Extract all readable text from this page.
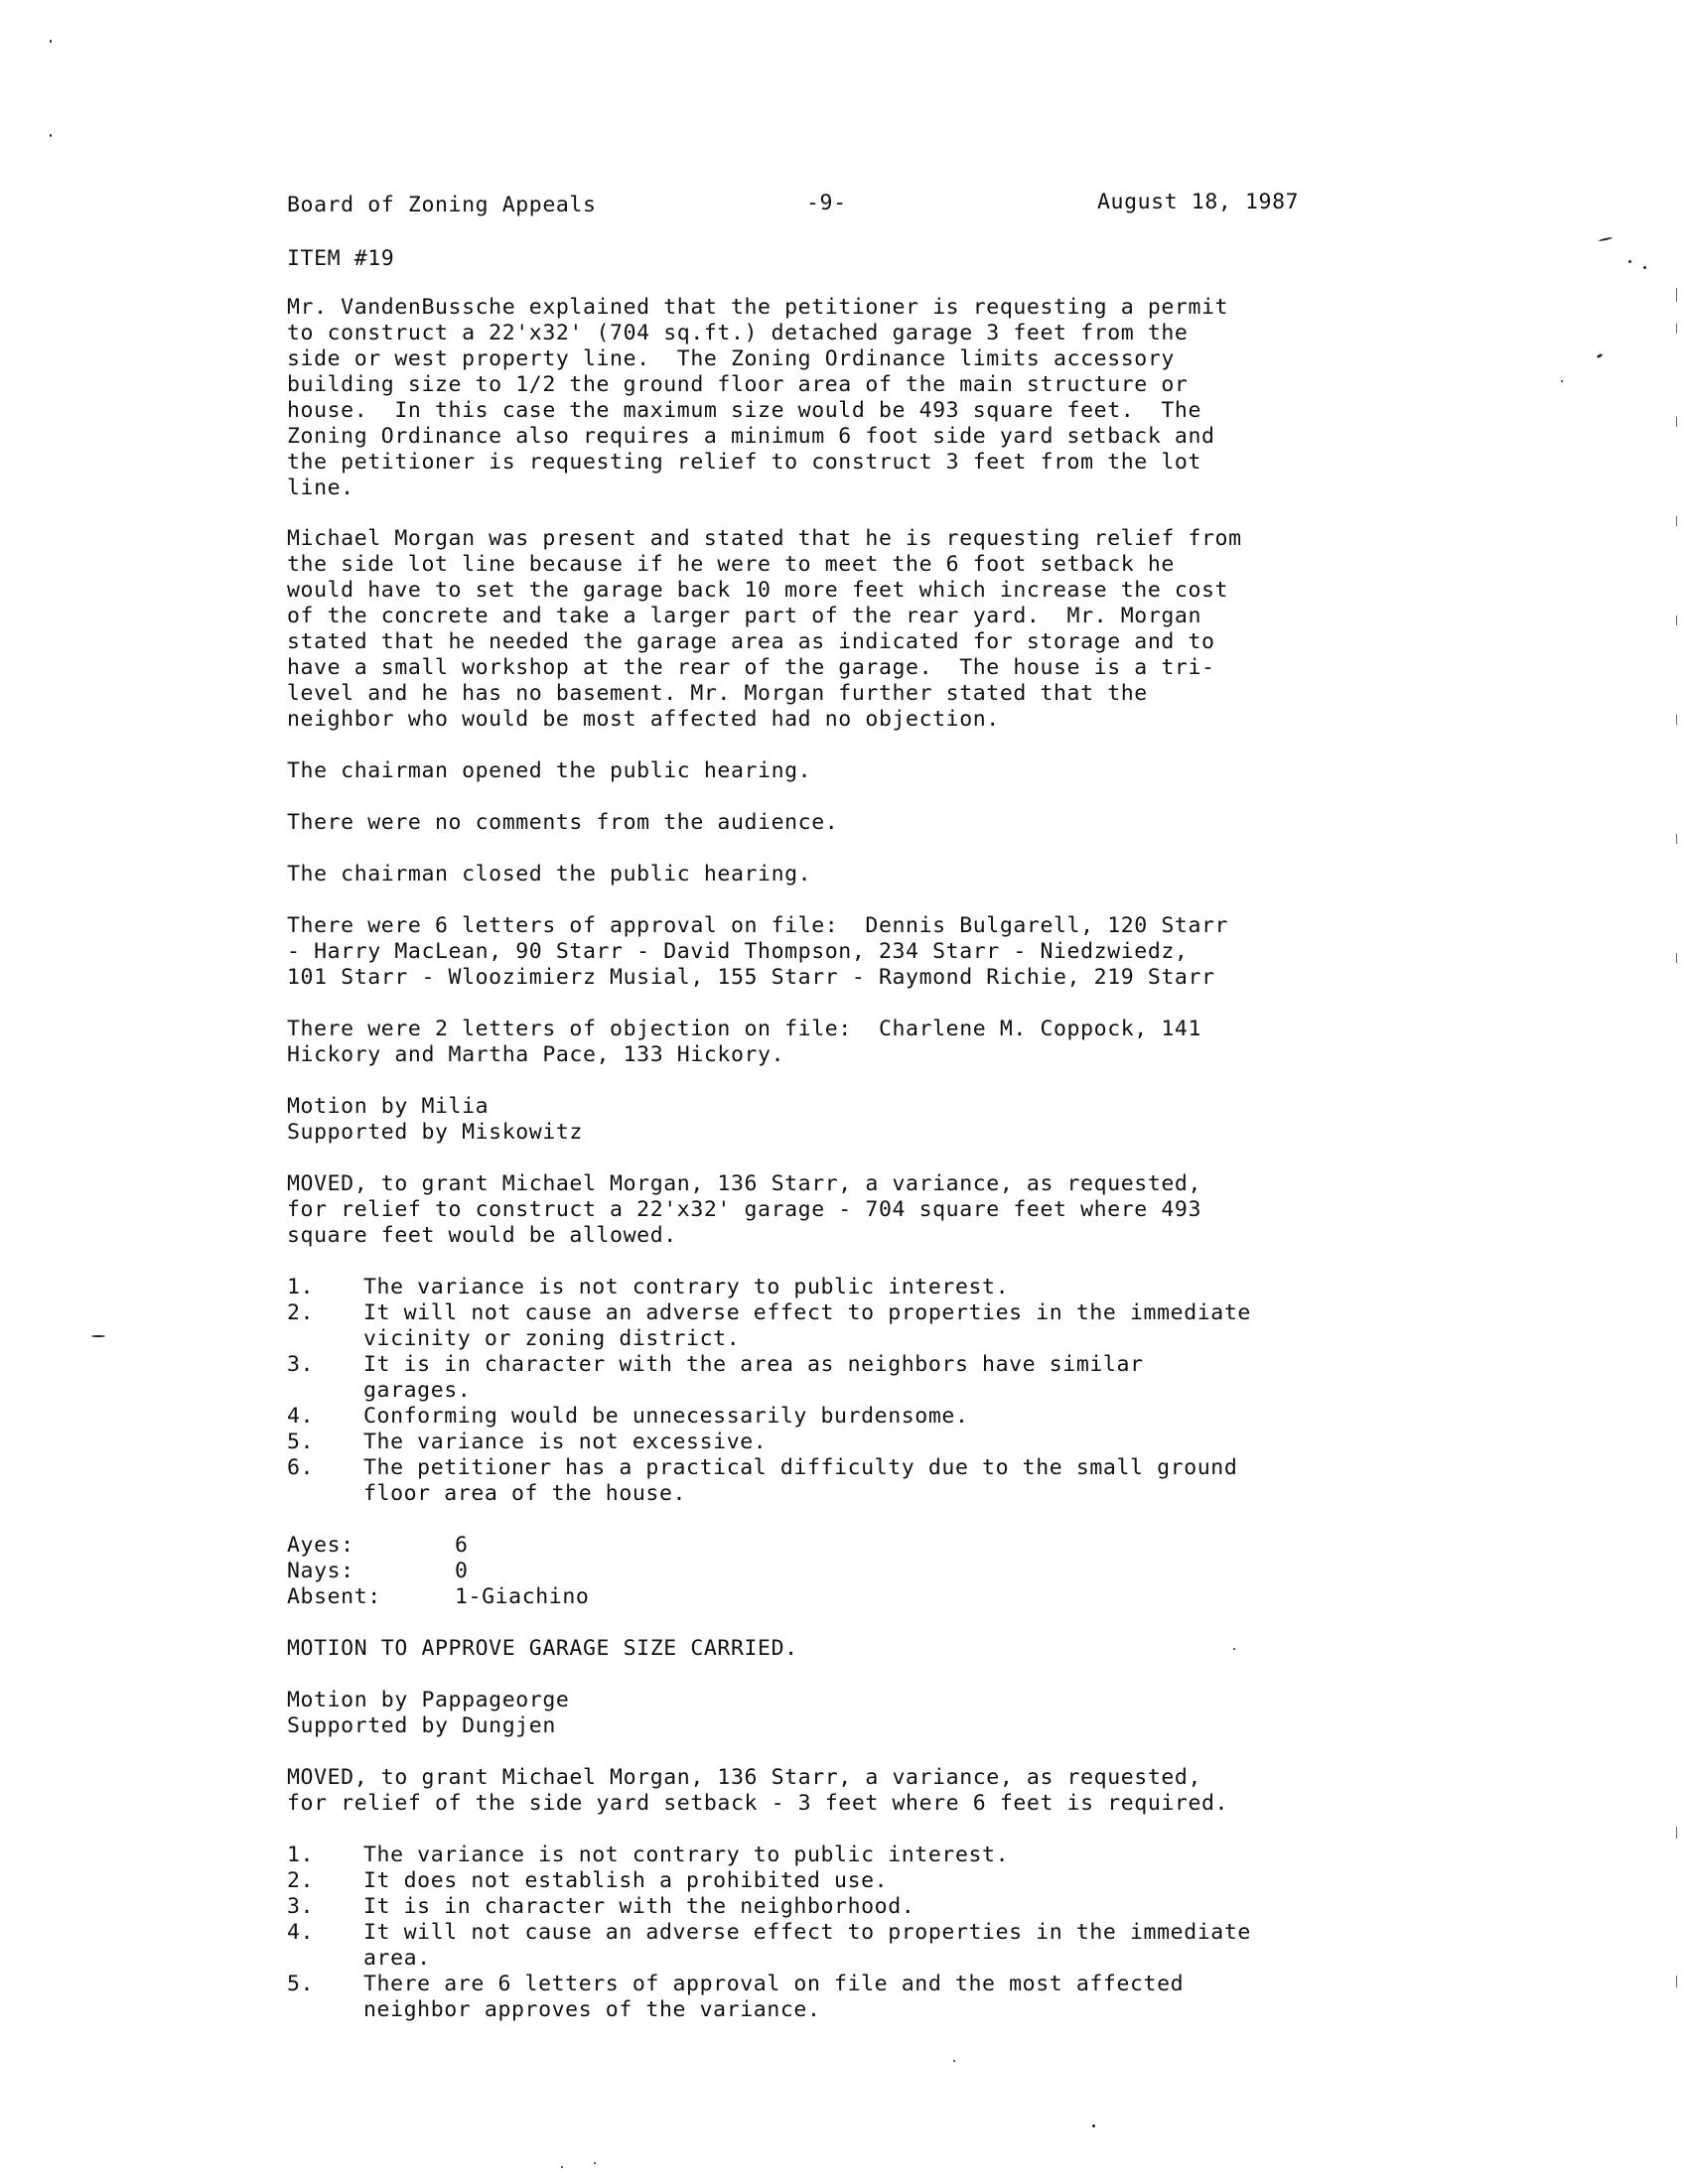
Board of Zoning Appeals	-9-	August 18, 1987
ITEM #19
Mr. VandenBussche explained that the petitioner is requesting a permit
to construct a 22'x32' (704 sq.ft.) detached garage 3 feet from the
side or west property line.  The Zoning Ordinance limits accessory
building size to 1/2 the ground floor area of the main structure or
house.  In this case the maximum size would be 493 square feet.  The
Zoning Ordinance also requires a minimum 6 foot side yard setback and
the petitioner is requesting relief to construct 3 feet from the lot
line.
Michael Morgan was present and stated that he is requesting relief from
the side lot line because if he were to meet the 6 foot setback he
would have to set the garage back 10 more feet which increase the cost
of the concrete and take a larger part of the rear yard.  Mr. Morgan
stated that he needed the garage area as indicated for storage and to
have a small workshop at the rear of the garage.  The house is a tri-
level and he has no basement. Mr. Morgan further stated that the
neighbor who would be most affected had no objection.
The chairman opened the public hearing.
There were no comments from the audience.
The chairman closed the public hearing.
There were 6 letters of approval on file:  Dennis Bulgarell, 120 Starr
- Harry MacLean, 90 Starr - David Thompson, 234 Starr - Niedzwiedz,
101 Starr - Wloozimierz Musial, 155 Starr - Raymond Richie, 219 Starr
There were 2 letters of objection on file:  Charlene M. Coppock, 141
Hickory and Martha Pace, 133 Hickory.
Motion by Milia
Supported by Miskowitz
MOVED, to grant Michael Morgan, 136 Starr, a variance, as requested,
for relief to construct a 22'x32' garage - 704 square feet where 493
square feet would be allowed.
1. The variance is not contrary to public interest.
2. It will not cause an adverse effect to properties in the immediate
vicinity or zoning district.
3. It is in character with the area as neighbors have similar
garages.
4. Conforming would be unnecessarily burdensome.
5. The variance is not excessive.
6. The petitioner has a practical difficulty due to the small ground
floor area of the house.
Ayes:	6
Nays:	0
Absent:	1-Giachino
MOTION TO APPROVE GARAGE SIZE CARRIED.
Motion by Pappageorge
Supported by Dungjen
MOVED, to grant Michael Morgan, 136 Starr, a variance, as requested,
for relief of the side yard setback - 3 feet where 6 feet is required.
1. The variance is not contrary to public interest.
2. It does not establish a prohibited use.
3. It is in character with the neighborhood.
4. It will not cause an adverse effect to properties in the immediate
area.
5. There are 6 letters of approval on file and the most affected
neighbor approves of the variance.
